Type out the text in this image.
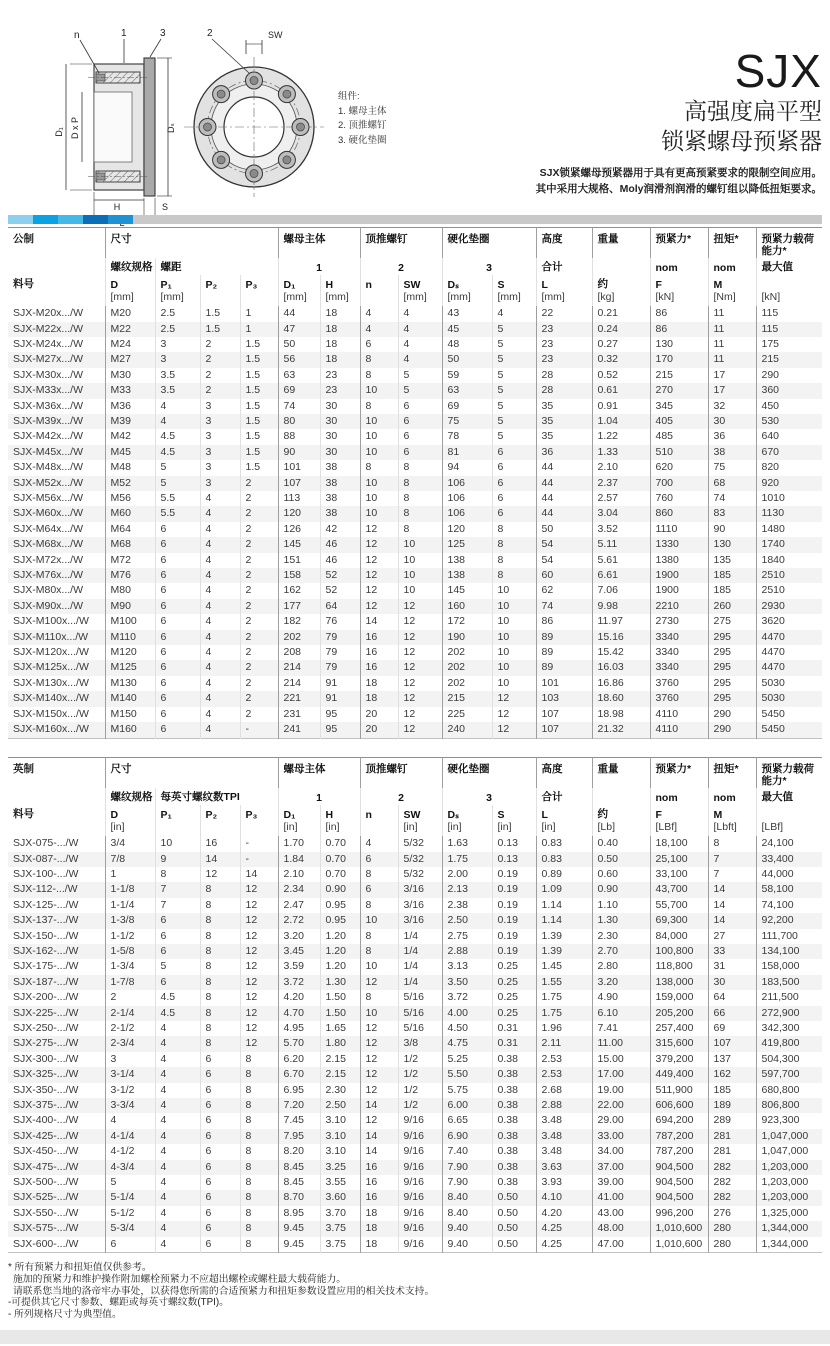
n	1	3
D₁ D x P	Dₛ
H	S
2	SW
组件:
1. 螺母主体
2. 顶推螺钉
3. 硬化垫圈
SJX
高强度扁平型
锁紧螺母预紧器
SJX锁紧螺母预紧器用于具有更高预紧要求的限制空间应用。
其中采用大规格、Moly润滑剂润滑的螺钉组以降低扭矩要求。
公制	尺寸				螺母主体		顶推螺钉		硬化垫圈		高度	重量	预紧力*	扭矩*	预紧力载荷能力*
	螺纹规格	螺距			1		2		3		合计		nom	nom	最大值
料号	D	P₁	P₂	P₃	D₁	H	n	SW	Dₛ	S	L	约	F	M	
	[mm]	[mm]			[mm]	[mm]		[mm]	[mm]	[mm]	[mm]	[kg]	[kN]	[Nm]	[kN]
SJX-M20x.../W	M20	2.5	1.5	1	44	18	4	4	43	4	22	0.21	86	11	115
SJX-M22x.../W	M22	2.5	1.5	1	47	18	4	4	45	5	23	0.24	86	11	115
SJX-M24x.../W	M24	3	2	1.5	50	18	6	4	48	5	23	0.27	130	11	175
SJX-M27x.../W	M27	3	2	1.5	56	18	8	4	50	5	23	0.32	170	11	215
SJX-M30x.../W	M30	3.5	2	1.5	63	23	8	5	59	5	28	0.52	215	17	290
SJX-M33x.../W	M33	3.5	2	1.5	69	23	10	5	63	5	28	0.61	270	17	360
SJX-M36x.../W	M36	4	3	1.5	74	30	8	6	69	5	35	0.91	345	32	450
SJX-M39x.../W	M39	4	3	1.5	80	30	10	6	75	5	35	1.04	405	30	530
SJX-M42x.../W	M42	4.5	3	1.5	88	30	10	6	78	5	35	1.22	485	36	640
SJX-M45x.../W	M45	4.5	3	1.5	90	30	10	6	81	6	36	1.33	510	38	670
SJX-M48x.../W	M48	5	3	1.5	101	38	8	8	94	6	44	2.10	620	75	820
SJX-M52x.../W	M52	5	3	2	107	38	10	8	106	6	44	2.37	700	68	920
SJX-M56x.../W	M56	5.5	4	2	113	38	10	8	106	6	44	2.57	760	74	1010
SJX-M60x.../W	M60	5.5	4	2	120	38	10	8	106	6	44	3.04	860	83	1130
SJX-M64x.../W	M64	6	4	2	126	42	12	8	120	8	50	3.52	1110	90	1480
SJX-M68x.../W	M68	6	4	2	145	46	12	10	125	8	54	5.11	1330	130	1740
SJX-M72x.../W	M72	6	4	2	151	46	12	10	138	8	54	5.61	1380	135	1840
SJX-M76x.../W	M76	6	4	2	158	52	12	10	138	8	60	6.61	1900	185	2510
SJX-M80x.../W	M80	6	4	2	162	52	12	10	145	10	62	7.06	1900	185	2510
SJX-M90x.../W	M90	6	4	2	177	64	12	12	160	10	74	9.98	2210	260	2930
SJX-M100x.../W	M100	6	4	2	182	76	14	12	172	10	86	11.97	2730	275	3620
SJX-M110x.../W	M110	6	4	2	202	79	16	12	190	10	89	15.16	3340	295	4470
SJX-M120x.../W	M120	6	4	2	208	79	16	12	202	10	89	15.42	3340	295	4470
SJX-M125x.../W	M125	6	4	2	214	79	16	12	202	10	89	16.03	3340	295	4470
SJX-M130x.../W	M130	6	4	2	214	91	18	12	202	10	101	16.86	3760	295	5030
SJX-M140x.../W	M140	6	4	2	221	91	18	12	215	12	103	18.60	3760	295	5030
SJX-M150x.../W	M150	6	4	2	231	95	20	12	225	12	107	18.98	4110	290	5450
SJX-M160x.../W	M160	6	4	-	241	95	20	12	240	12	107	21.32	4110	290	5450
英制	尺寸				螺母主体		顶推螺钉		硬化垫圈		高度	重量	预紧力*	扭矩*	预紧力载荷能力*
	螺纹规格	每英寸螺纹数TPI			1		2		3		合计		nom	nom	最大值
料号	D	P₁	P₂	P₃	D₁	H	n	SW	Dₛ	S	L	约	F	M	
	[in]				[in]	[in]		[in]	[in]	[in]	[in]	[Lb]	[LBf]	[Lbft]	[LBf]
SJX-075-.../W	3/4	10	16	-	1.70	0.70	4	5/32	1.63	0.13	0.83	0.40	18,100	8	24,100
SJX-087-.../W	7/8	9	14	-	1.84	0.70	6	5/32	1.75	0.13	0.83	0.50	25,100	7	33,400
SJX-100-.../W	1	8	12	14	2.10	0.70	8	5/32	2.00	0.19	0.89	0.60	33,100	7	44,000
SJX-112-.../W	1-1/8	7	8	12	2.34	0.90	6	3/16	2.13	0.19	1.09	0.90	43,700	14	58,100
SJX-125-.../W	1-1/4	7	8	12	2.47	0.95	8	3/16	2.38	0.19	1.14	1.10	55,700	14	74,100
SJX-137-.../W	1-3/8	6	8	12	2.72	0.95	10	3/16	2.50	0.19	1.14	1.30	69,300	14	92,200
SJX-150-.../W	1-1/2	6	8	12	3.20	1.20	8	1/4	2.75	0.19	1.39	2.30	84,000	27	111,700
SJX-162-.../W	1-5/8	6	8	12	3.45	1.20	8	1/4	2.88	0.19	1.39	2.70	100,800	33	134,100
SJX-175-.../W	1-3/4	5	8	12	3.59	1.20	10	1/4	3.13	0.25	1.45	2.80	118,800	31	158,000
SJX-187-.../W	1-7/8	6	8	12	3.72	1.30	12	1/4	3.50	0.25	1.55	3.20	138,000	30	183,500
SJX-200-.../W	2	4.5	8	12	4.20	1.50	8	5/16	3.72	0.25	1.75	4.90	159,000	64	211,500
SJX-225-.../W	2-1/4	4.5	8	12	4.70	1.50	10	5/16	4.00	0.25	1.75	6.10	205,200	66	272,900
SJX-250-.../W	2-1/2	4	8	12	4.95	1.65	12	5/16	4.50	0.31	1.96	7.41	257,400	69	342,300
SJX-275-.../W	2-3/4	4	8	12	5.70	1.80	12	3/8	4.75	0.31	2.11	11.00	315,600	107	419,800
SJX-300-.../W	3	4	6	8	6.20	2.15	12	1/2	5.25	0.38	2.53	15.00	379,200	137	504,300
SJX-325-.../W	3-1/4	4	6	8	6.70	2.15	12	1/2	5.50	0.38	2.53	17.00	449,400	162	597,700
SJX-350-.../W	3-1/2	4	6	8	6.95	2.30	12	1/2	5.75	0.38	2.68	19.00	511,900	185	680,800
SJX-375-.../W	3-3/4	4	6	8	7.20	2.50	14	1/2	6.00	0.38	2.88	22.00	606,600	189	806,800
SJX-400-.../W	4	4	6	8	7.45	3.10	12	9/16	6.65	0.38	3.48	29.00	694,200	289	923,300
SJX-425-.../W	4-1/4	4	6	8	7.95	3.10	14	9/16	6.90	0.38	3.48	33.00	787,200	281	1,047,000
SJX-450-.../W	4-1/2	4	6	8	8.20	3.10	14	9/16	7.40	0.38	3.48	34.00	787,200	281	1,047,000
SJX-475-.../W	4-3/4	4	6	8	8.45	3.25	16	9/16	7.90	0.38	3.63	37.00	904,500	282	1,203,000
SJX-500-.../W	5	4	6	8	8.45	3.55	16	9/16	7.90	0.38	3.93	39.00	904,500	282	1,203,000
SJX-525-.../W	5-1/4	4	6	8	8.70	3.60	16	9/16	8.40	0.50	4.10	41.00	904,500	282	1,203,000
SJX-550-.../W	5-1/2	4	6	8	8.95	3.70	18	9/16	8.40	0.50	4.20	43.00	996,200	276	1,325,000
SJX-575-.../W	5-3/4	4	6	8	9.45	3.75	18	9/16	9.40	0.50	4.25	48.00	1,010,600	280	1,344,000
SJX-600-.../W	6	4	6	8	9.45	3.75	18	9/16	9.40	0.50	4.25	47.00	1,010,600	280	1,344,000
* 所有预紧力和扭矩值仅供参考。
施加的预紧力和维护操作附加螺栓预紧力不应超出螺栓或螺柱最大载荷能力。
请联系您当地的洛帝牢办事处，以获得您所需的合适预紧力和扭矩参数设置应用的相关技术支持。
-可提供其它尺寸参数、螺距或每英寸螺纹数(TPI)。
- 所列规格尺寸为典型值。
